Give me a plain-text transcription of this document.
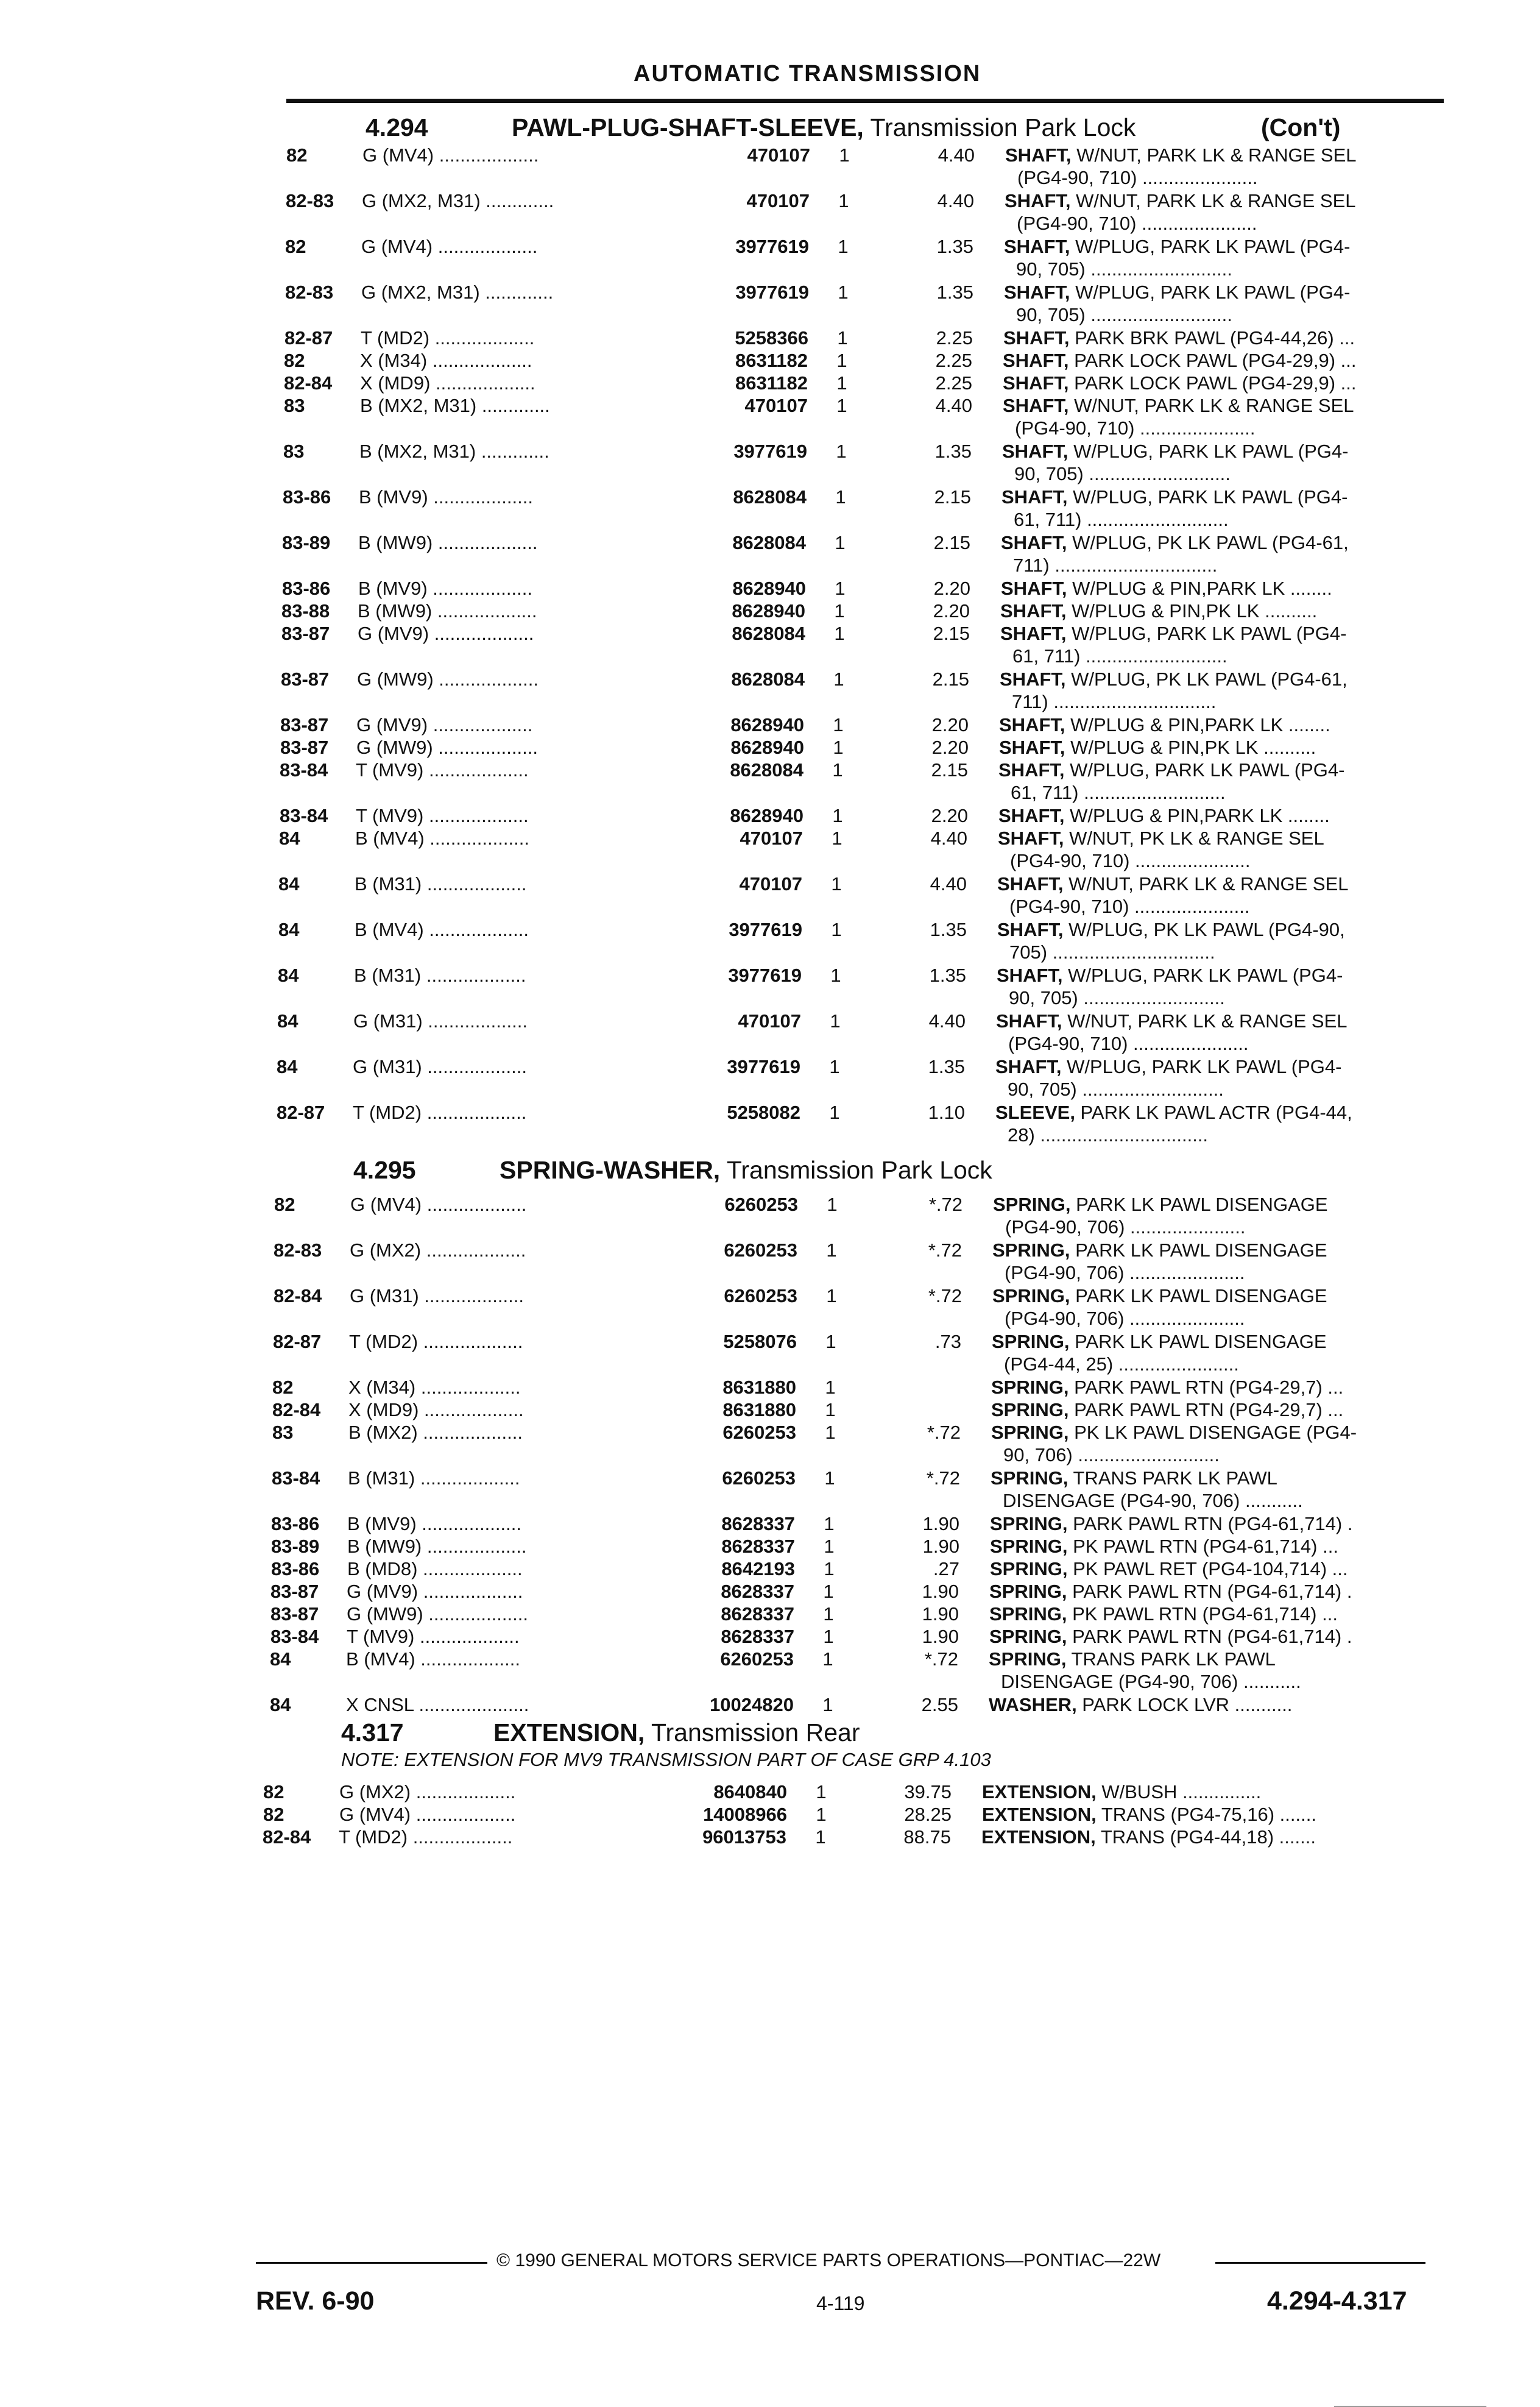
AUTOMATIC TRANSMISSION
4.294	PAWL-PLUG-SHAFT-SLEEVE, Transmission Park Lock	(Con't)
82	G (MV4) ...................	470107	1	4.40 SHAFT, W/NUT, PARK LK & RANGE SEL
(PG4-90, 710) ......................
82-83 G (MX2, M31) .............	470107	1	4.40 SHAFT, W/NUT, PARK LK & RANGE SEL
(PG4-90, 710) ......................
82	G (MV4) ...................	3977619	1	1.35 SHAFT, W/PLUG, PARK LK PAWL (PG4-
90, 705) ...........................
82-83 G (MX2, M31) .............	3977619	1	1.35 SHAFT, W/PLUG, PARK LK PAWL (PG4-
90, 705) ...........................
82-87 T (MD2) ...................	5258366	1	2.25 SHAFT, PARK BRK PAWL (PG4-44,26) ...
82	X (M34) ...................	8631182	1	2.25 SHAFT, PARK LOCK PAWL (PG4-29,9) ...
82-84 X (MD9) ...................	8631182	1	2.25 SHAFT, PARK LOCK PAWL (PG4-29,9) ...
83	B (MX2, M31) .............	470107	1	4.40 SHAFT, W/NUT, PARK LK & RANGE SEL
(PG4-90, 710) ......................
83	B (MX2, M31) .............	3977619	1	1.35 SHAFT, W/PLUG, PARK LK PAWL (PG4-
90, 705) ...........................
83-86 B (MV9) ...................	8628084	1	2.15 SHAFT, W/PLUG, PARK LK PAWL (PG4-
61, 711) ...........................
83-89 B (MW9) ...................	8628084	1	2.15 SHAFT, W/PLUG, PK LK PAWL (PG4-61,
711) ...............................
83-86 B (MV9) ...................	8628940	1	2.20 SHAFT, W/PLUG & PIN,PARK LK ........
83-88 B (MW9) ...................	8628940	1	2.20 SHAFT, W/PLUG & PIN,PK LK ..........
83-87 G (MV9) ...................	8628084	1	2.15 SHAFT, W/PLUG, PARK LK PAWL (PG4-
61, 711) ...........................
83-87 G (MW9) ...................	8628084	1	2.15 SHAFT, W/PLUG, PK LK PAWL (PG4-61,
711) ...............................
83-87 G (MV9) ...................	8628940	1	2.20 SHAFT, W/PLUG & PIN,PARK LK ........
83-87 G (MW9) ...................	8628940	1	2.20 SHAFT, W/PLUG & PIN,PK LK ..........
83-84 T (MV9) ...................	8628084	1	2.15 SHAFT, W/PLUG, PARK LK PAWL (PG4-
61, 711) ...........................
83-84 T (MV9) ...................	8628940	1	2.20 SHAFT, W/PLUG & PIN,PARK LK ........
84	B (MV4) ...................	470107	1	4.40 SHAFT, W/NUT, PK LK & RANGE SEL
(PG4-90, 710) ......................
84	B (M31) ...................	470107	1	4.40 SHAFT, W/NUT, PARK LK & RANGE SEL
(PG4-90, 710) ......................
84	B (MV4) ...................	3977619	1	1.35 SHAFT, W/PLUG, PK LK PAWL (PG4-90,
705) ...............................
84	B (M31) ...................	3977619	1	1.35 SHAFT, W/PLUG, PARK LK PAWL (PG4-
90, 705) ...........................
84	G (M31) ...................	470107	1	4.40 SHAFT, W/NUT, PARK LK & RANGE SEL
(PG4-90, 710) ......................
84	G (M31) ...................	3977619	1	1.35 SHAFT, W/PLUG, PARK LK PAWL (PG4-
90, 705) ...........................
82-87 T (MD2) ...................	5258082	1	1.10 SLEEVE, PARK LK PAWL ACTR (PG4-44,
28) ................................
4.295	SPRING-WASHER, Transmission Park Lock
82	G (MV4) ...................	6260253	1	*.72 SPRING, PARK LK PAWL DISENGAGE
(PG4-90, 706) ......................
82-83 G (MX2) ...................	6260253	1	*.72 SPRING, PARK LK PAWL DISENGAGE
(PG4-90, 706) ......................
82-84 G (M31) ...................	6260253	1	*.72 SPRING, PARK LK PAWL DISENGAGE
(PG4-90, 706) ......................
82-87 T (MD2) ...................	5258076	1	.73 SPRING, PARK LK PAWL DISENGAGE
(PG4-44, 25) .......................
82	X (M34) ...................	8631880	1	SPRING, PARK PAWL RTN (PG4-29,7) ...
82-84 X (MD9) ...................	8631880	1	SPRING, PARK PAWL RTN (PG4-29,7) ...
83	B (MX2) ...................	6260253	1	*.72 SPRING, PK LK PAWL DISENGAGE (PG4-
90, 706) ...........................
83-84 B (M31) ...................	6260253	1	*.72 SPRING, TRANS PARK LK PAWL
DISENGAGE (PG4-90, 706) ...........
83-86 B (MV9) ...................	8628337	1	1.90 SPRING, PARK PAWL RTN (PG4-61,714) .
83-89 B (MW9) ...................	8628337	1	1.90 SPRING, PK PAWL RTN (PG4-61,714) ...
83-86 B (MD8) ...................	8642193	1	.27 SPRING, PK PAWL RET (PG4-104,714) ...
83-87 G (MV9) ...................	8628337	1	1.90 SPRING, PARK PAWL RTN (PG4-61,714) .
83-87 G (MW9) ...................	8628337	1	1.90 SPRING, PK PAWL RTN (PG4-61,714) ...
83-84 T (MV9) ...................	8628337	1	1.90 SPRING, PARK PAWL RTN (PG4-61,714) .
84	B (MV4) ...................	6260253	1	*.72 SPRING, TRANS PARK LK PAWL
DISENGAGE (PG4-90, 706) ...........
84	X CNSL .....................	10024820	1	2.55 WASHER, PARK LOCK LVR ...........
4.317	EXTENSION, Transmission Rear
NOTE: EXTENSION FOR MV9 TRANSMISSION PART OF CASE GRP 4.103
82	G (MX2) ...................	8640840	1	39.75 EXTENSION, W/BUSH ...............
82	G (MV4) ...................	14008966	1	28.25 EXTENSION, TRANS (PG4-75,16) .......
82-84 T (MD2) ...................	96013753	1	88.75 EXTENSION, TRANS (PG4-44,18) .......
© 1990 GENERAL MOTORS SERVICE PARTS OPERATIONS—PONTIAC—22W
REV. 6-90	4-119	4.294-4.317
